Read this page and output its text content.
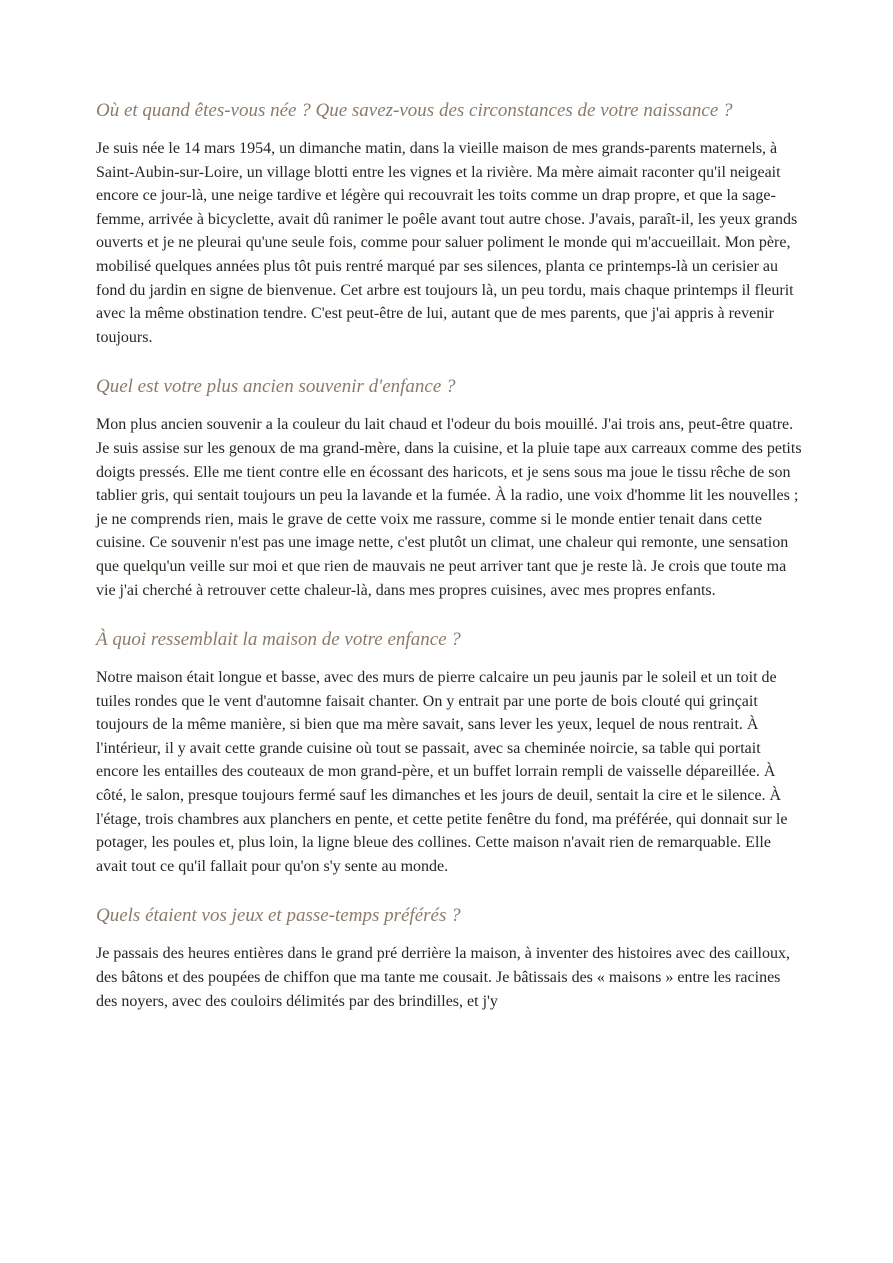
Où et quand êtes-vous née ? Que savez-vous des circonstances de votre naissance ?

Je suis née le 14 mars 1954, un dimanche matin, dans la vieille maison de mes grands-parents maternels, à Saint-Aubin-sur-Loire, un village blotti entre les vignes et la rivière. Ma mère aimait raconter qu'il neigeait encore ce jour-là, une neige tardive et légère qui recouvrait les toits comme un drap propre, et que la sage-femme, arrivée à bicyclette, avait dû ranimer le poêle avant tout autre chose. J'avais, paraît-il, les yeux grands ouverts et je ne pleurai qu'une seule fois, comme pour saluer poliment le monde qui m'accueillait. Mon père, mobilisé quelques années plus tôt puis rentré marqué par ses silences, planta ce printemps-là un cerisier au fond du jardin en signe de bienvenue. Cet arbre est toujours là, un peu tordu, mais chaque printemps il fleurit avec la même obstination tendre. C'est peut-être de lui, autant que de mes parents, que j'ai appris à revenir toujours.

Quel est votre plus ancien souvenir d'enfance ?

Mon plus ancien souvenir a la couleur du lait chaud et l'odeur du bois mouillé. J'ai trois ans, peut-être quatre. Je suis assise sur les genoux de ma grand-mère, dans la cuisine, et la pluie tape aux carreaux comme des petits doigts pressés. Elle me tient contre elle en écossant des haricots, et je sens sous ma joue le tissu rêche de son tablier gris, qui sentait toujours un peu la lavande et la fumée. À la radio, une voix d'homme lit les nouvelles ; je ne comprends rien, mais le grave de cette voix me rassure, comme si le monde entier tenait dans cette cuisine. Ce souvenir n'est pas une image nette, c'est plutôt un climat, une chaleur qui remonte, une sensation que quelqu'un veille sur moi et que rien de mauvais ne peut arriver tant que je reste là. Je crois que toute ma vie j'ai cherché à retrouver cette chaleur-là, dans mes propres cuisines, avec mes propres enfants.

À quoi ressemblait la maison de votre enfance ?

Notre maison était longue et basse, avec des murs de pierre calcaire un peu jaunis par le soleil et un toit de tuiles rondes que le vent d'automne faisait chanter. On y entrait par une porte de bois clouté qui grinçait toujours de la même manière, si bien que ma mère savait, sans lever les yeux, lequel de nous rentrait. À l'intérieur, il y avait cette grande cuisine où tout se passait, avec sa cheminée noircie, sa table qui portait encore les entailles des couteaux de mon grand-père, et un buffet lorrain rempli de vaisselle dépareillée. À côté, le salon, presque toujours fermé sauf les dimanches et les jours de deuil, sentait la cire et le silence. À l'étage, trois chambres aux planchers en pente, et cette petite fenêtre du fond, ma préférée, qui donnait sur le potager, les poules et, plus loin, la ligne bleue des collines. Cette maison n'avait rien de remarquable. Elle avait tout ce qu'il fallait pour qu'on s'y sente au monde.

Quels étaient vos jeux et passe-temps préférés ?

Je passais des heures entières dans le grand pré derrière la maison, à inventer des histoires avec des cailloux, des bâtons et des poupées de chiffon que ma tante me cousait. Je bâtissais des « maisons » entre les racines des noyers, avec des couloirs délimités par des brindilles, et j'y
